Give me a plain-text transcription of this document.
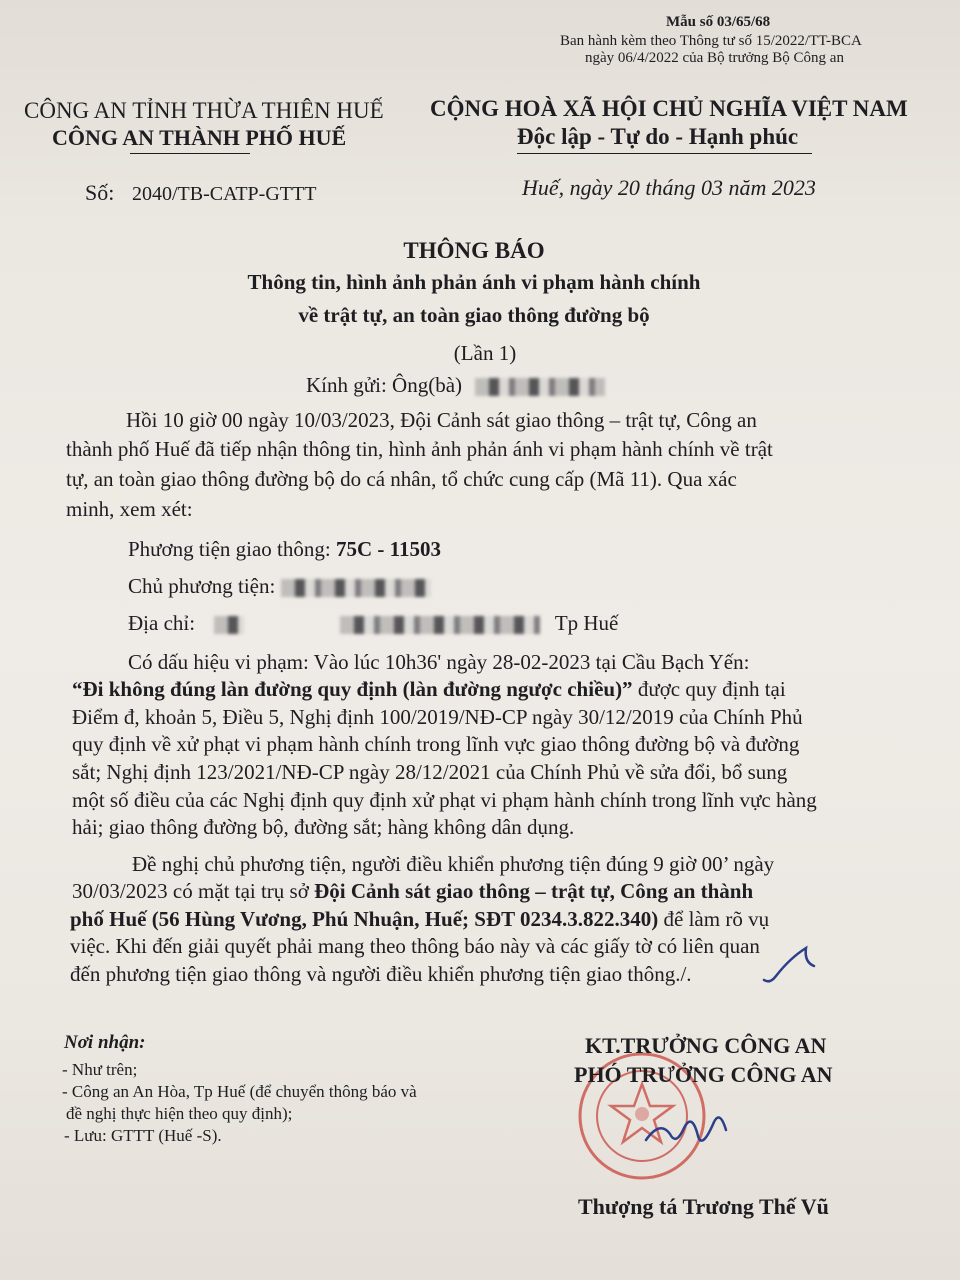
Mẫu số 03/65/68
Ban hành kèm theo Thông tư số 15/2022/TT-BCA
ngày 06/4/2022 của Bộ trưởng Bộ Công an
CÔNG AN TỈNH THỪA THIÊN HUẾ
CÔNG AN THÀNH PHỐ HUẾ
Số: 2040/TB-CATP-GTTT
CỘNG HOÀ XÃ HỘI CHỦ NGHĨA VIỆT NAM
Độc lập - Tự do - Hạnh phúc
Huế, ngày 20 tháng 03 năm 2023
THÔNG BÁO
Thông tin, hình ảnh phản ánh vi phạm hành chính
về trật tự, an toàn giao thông đường bộ
(Lần 1)
Kính gửi: Ông(bà)
Hồi 10 giờ 00 ngày 10/03/2023, Đội Cảnh sát giao thông – trật tự, Công an
thành phố Huế đã tiếp nhận thông tin, hình ảnh phản ánh vi phạm hành chính về trật
tự, an toàn giao thông đường bộ do cá nhân, tổ chức cung cấp (Mã 11). Qua xác
minh, xem xét:
Phương tiện giao thông: 75C - 11503
Chủ phương tiện:
Địa chỉ:	Tp Huế
Có dấu hiệu vi phạm: Vào lúc 10h36' ngày 28-02-2023 tại Cầu Bạch Yến:
“Đi không đúng làn đường quy định (làn đường ngược chiều)” được quy định tại
Điểm đ, khoản 5, Điều 5, Nghị định 100/2019/NĐ-CP ngày 30/12/2019 của Chính Phủ
quy định về xử phạt vi phạm hành chính trong lĩnh vực giao thông đường bộ và đường
sắt; Nghị định 123/2021/NĐ-CP ngày 28/12/2021 của Chính Phủ về sửa đổi, bổ sung
một số điều của các Nghị định quy định xử phạt vi phạm hành chính trong lĩnh vực hàng
hải; giao thông đường bộ, đường sắt; hàng không dân dụng.
Đề nghị chủ phương tiện, người điều khiển phương tiện đúng 9 giờ 00’ ngày
30/03/2023 có mặt tại trụ sở Đội Cảnh sát giao thông – trật tự, Công an thành
phố Huế (56 Hùng Vương, Phú Nhuận, Huế; SĐT 0234.3.822.340) để làm rõ vụ
việc. Khi đến giải quyết phải mang theo thông báo này và các giấy tờ có liên quan
đến phương tiện giao thông và người điều khiển phương tiện giao thông./.
Nơi nhận:
- Như trên;
- Công an An Hòa, Tp Huế (để chuyển thông báo và
đề nghị thực hiện theo quy định);
- Lưu: GTTT (Huế -S).
KT.TRƯỞNG CÔNG AN
PHÓ TRƯỞNG CÔNG AN
Thượng tá Trương Thế Vũ
